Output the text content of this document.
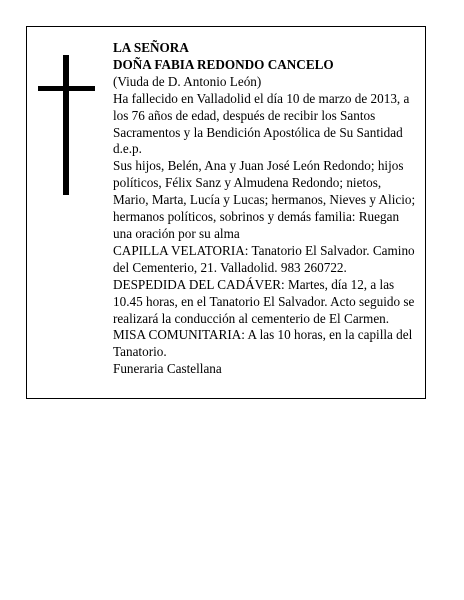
LA SEÑORA

DOÑA FABIA REDONDO CANCELO

(Viuda de D. Antonio León)

Ha fallecido en Valladolid el día 10 de marzo de 2013, a los 76 años de edad, después de recibir los Santos Sacramentos y la Bendición Apostólica de Su Santidad d.e.p.

Sus hijos, Belén, Ana y Juan José León Redondo; hijos políticos, Félix Sanz y Almudena Redondo; nietos, Mario, Marta, Lucía y Lucas; hermanos, Nieves y Alicio; hermanos políticos, sobrinos y demás familia: Ruegan una oración por su alma

CAPILLA VELATORIA: Tanatorio El Salvador. Camino del Cementerio, 21. Valladolid. 983 260722.

DESPEDIDA DEL CADÁVER: Martes, día 12, a las 10.45 horas, en el Tanatorio El Salvador. Acto seguido se realizará la conducción al cementerio de El Carmen.

MISA COMUNITARIA: A las 10 horas, en la capilla del Tanatorio.

Funeraria Castellana
